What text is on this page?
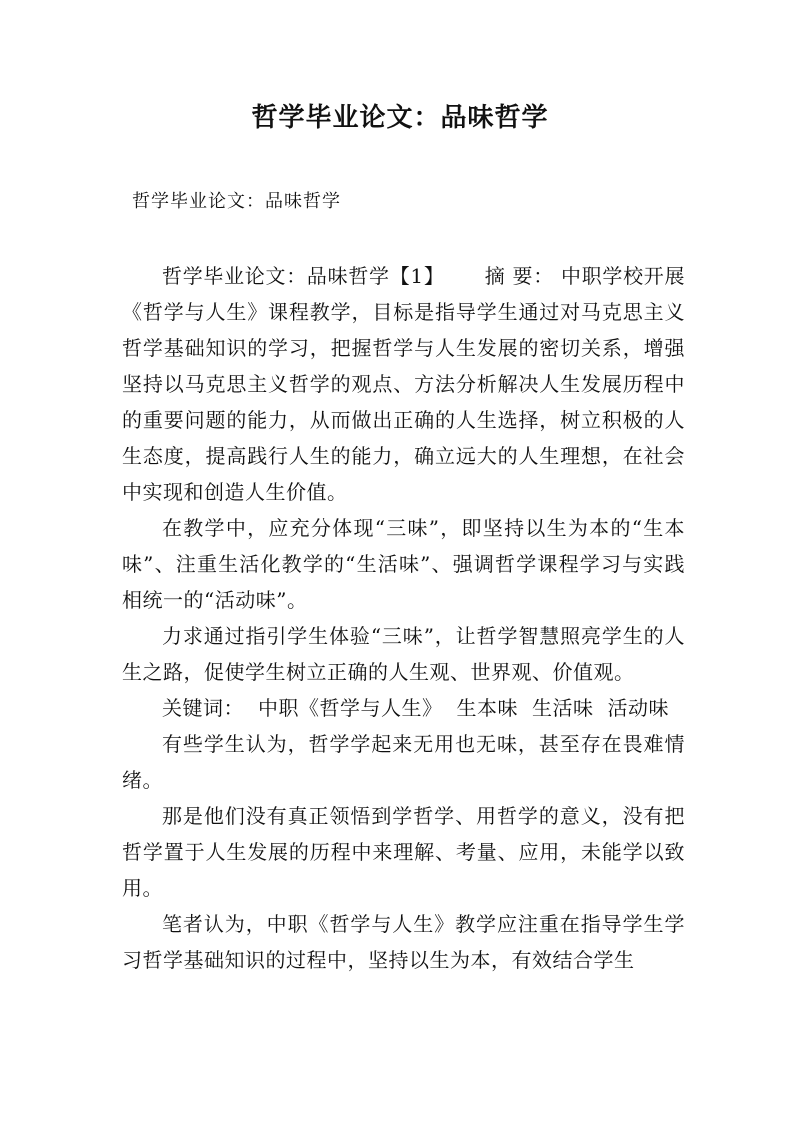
哲学毕业论文：品味哲学

哲学毕业论文：品味哲学

哲学毕业论文：品味哲学【1】 摘 要： 中职学校开展《哲学与人生》课程教学，目标是指导学生通过对马克思主义哲学基础知识的学习，把握哲学与人生发展的密切关系，增强坚持以马克思主义哲学的观点、方法分析解决人生发展历程中的重要问题的能力，从而做出正确的人生选择，树立积极的人生态度，提高践行人生的能力，确立远大的人生理想，在社会中实现和创造人生价值。

在教学中，应充分体现“三味”，即坚持以生为本的“生本味”、注重生活化教学的“生活味”、强调哲学课程学习与实践相统一的“活动味”。

力求通过指引学生体验“三味”，让哲学智慧照亮学生的人生之路，促使学生树立正确的人生观、世界观、价值观。

关键词： 中职《哲学与人生》 生本味 生活味 活动味

有些学生认为，哲学学起来无用也无味，甚至存在畏难情绪。

那是他们没有真正领悟到学哲学、用哲学的意义，没有把哲学置于人生发展的历程中来理解、考量、应用，未能学以致用。

笔者认为，中职《哲学与人生》教学应注重在指导学生学习哲学基础知识的过程中，坚持以生为本，有效结合学生
